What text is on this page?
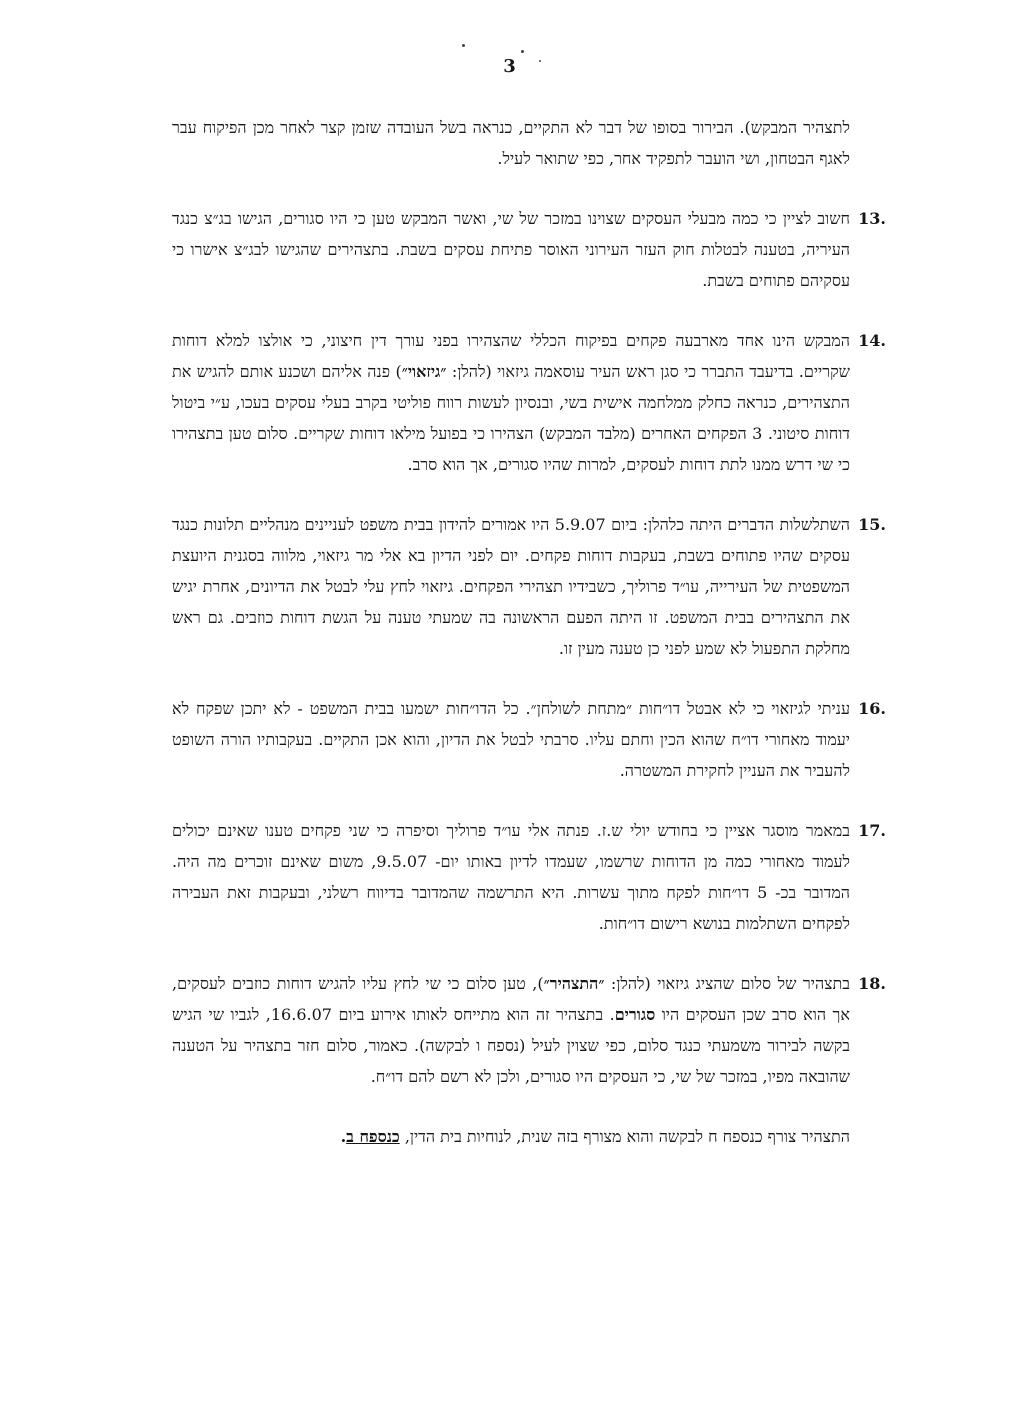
3

לתצהיר המבקש). הבירור בסופו של דבר לא התקיים, כנראה בשל העובדה שזמן קצר לאחר מכן הפיקוח עבר לאגף הבטחון, ושי הועבר לתפקיד אחר, כפי שתואר לעיל.

13.
חשוב לציין כי כמה מבעלי העסקים שצוינו במזכר של שי, ואשר המבקש טען כי היו סגורים, הגישו בג״צ כנגד העיריה, בטענה לבטלות חוק העזר העירוני האוסר פתיחת עסקים בשבת. בתצהירים שהגישו לבג״צ אישרו כי עסקיהם פתוחים בשבת.
14.
המבקש הינו אחד מארבעה פקחים בפיקוח הכללי שהצהירו בפני עורך דין חיצוני, כי אולצו למלא דוחות שקריים. בדיעבד התברר כי סגן ראש העיר עוסאמה גיזאוי (להלן: ״גיזאוי״) פנה אליהם ושכנע אותם להגיש את התצהירים, כנראה כחלק ממלחמה אישית בשי, ובנסיון לעשות רווח פוליטי בקרב בעלי עסקים בעכו, ע״י ביטול דוחות סיטוני. 3 הפקחים האחרים (מלבד המבקש) הצהירו כי בפועל מילאו דוחות שקריים. סלום טען בתצהירו כי שי דרש ממנו לתת דוחות לעסקים, למרות שהיו סגורים, אך הוא סרב.
15.
השתלשלות הדברים היתה כלהלן: ביום 5.9.07 היו אמורים להידון בבית משפט לעניינים מנהליים תלונות כנגד עסקים שהיו פתוחים בשבת, בעקבות דוחות פקחים. יום לפני הדיון בא אלי מר גיזאוי, מלווה בסגנית היועצת המשפטית של העירייה, עו״ד פרוליך, כשבידיו תצהירי הפקחים. גיזאוי לחץ עלי לבטל את הדיונים, אחרת יגיש את התצהירים בבית המשפט. זו היתה הפעם הראשונה בה שמעתי טענה על הגשת דוחות כוזבים. גם ראש מחלקת התפעול לא שמע לפני כן טענה מעין זו.
16.
עניתי לגיזאוי כי לא אבטל דו״חות ״מתחת לשולחן״. כל הדו״חות ישמעו בבית המשפט - לא יתכן שפקח לא יעמוד מאחורי דו״ח שהוא הכין וחתם עליו. סרבתי לבטל את הדיון, והוא אכן התקיים. בעקבותיו הורה השופט להעביר את העניין לחקירת המשטרה.
17.
במאמר מוסגר אציין כי בחודש יולי ש.ז. פנתה אלי עו״ד פרוליך וסיפרה כי שני פקחים טענו שאינם יכולים לעמוד מאחורי כמה מן הדוחות שרשמו, שעמדו לדיון באותו יום- 9.5.07, משום שאינם זוכרים מה היה. המדובר בכ- 5 דו״חות לפקח מתוך עשרות. היא התרשמה שהמדובר בדיווח רשלני, ובעקבות זאת העבירה לפקחים השתלמות בנושא רישום דו״חות.
18.
בתצהיר של סלום שהציג גיזאוי (להלן: ״התצהיר״), טען סלום כי שי לחץ עליו להגיש דוחות כוזבים לעסקים, אך הוא סרב שכן העסקים היו סגורים. בתצהיר זה הוא מתייחס לאותו אירוע ביום 16.6.07, לגביו שי הגיש בקשה לבירור משמעתי כנגד סלום, כפי שצוין לעיל (נספח ו לבקשה). כאמור, סלום חזר בתצהיר על הטענה שהובאה מפיו, במזכר של שי, כי העסקים היו סגורים, ולכן לא רשם להם דו״ח.
התצהיר צורף כנספח ח לבקשה והוא מצורף בזה שנית, לנוחיות בית הדין, כנספח ב.
